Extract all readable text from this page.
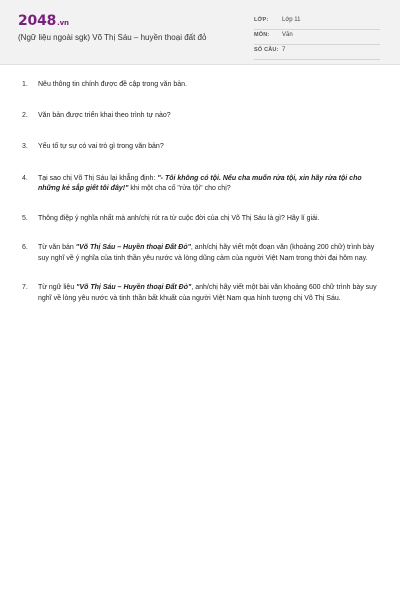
2048.vn
(Ngữ liệu ngoài sgk) Võ Thị Sáu – huyền thoại đất đỏ
LỚP: Lớp 11
MÔN: Văn
SỐ CÂU: 7
1. Nêu thông tin chính được đề cập trong văn bản.
2. Văn bản được triển khai theo trình tự nào?
3. Yếu tố tự sự có vai trò gì trong văn bản?
4. Tại sao chị Võ Thị Sáu lại khẳng định: "- Tôi không có tội. Nếu cha muốn rửa tội, xin hãy rửa tội cho những kẻ sắp giết tôi đây!" khi một cha cố "rửa tội" cho chị?
5. Thông điệp ý nghĩa nhất mà anh/chị rút ra từ cuộc đời của chị Võ Thị Sáu là gì? Hãy lí giải.
6. Từ văn bản "Võ Thị Sáu – Huyền thoại Đất Đỏ", anh/chị hãy viết một đoạn văn (khoảng 200 chữ) trình bày suy nghĩ về ý nghĩa của tinh thần yêu nước và lòng dũng cảm của người Việt Nam trong thời đại hôm nay.
7. Từ ngữ liệu "Võ Thị Sáu – Huyền thoại Đất Đỏ", anh/chị hãy viết một bài văn khoảng 600 chữ trình bày suy nghĩ về lòng yêu nước và tinh thần bất khuất của người Việt Nam qua hình tượng chị Võ Thị Sáu.
